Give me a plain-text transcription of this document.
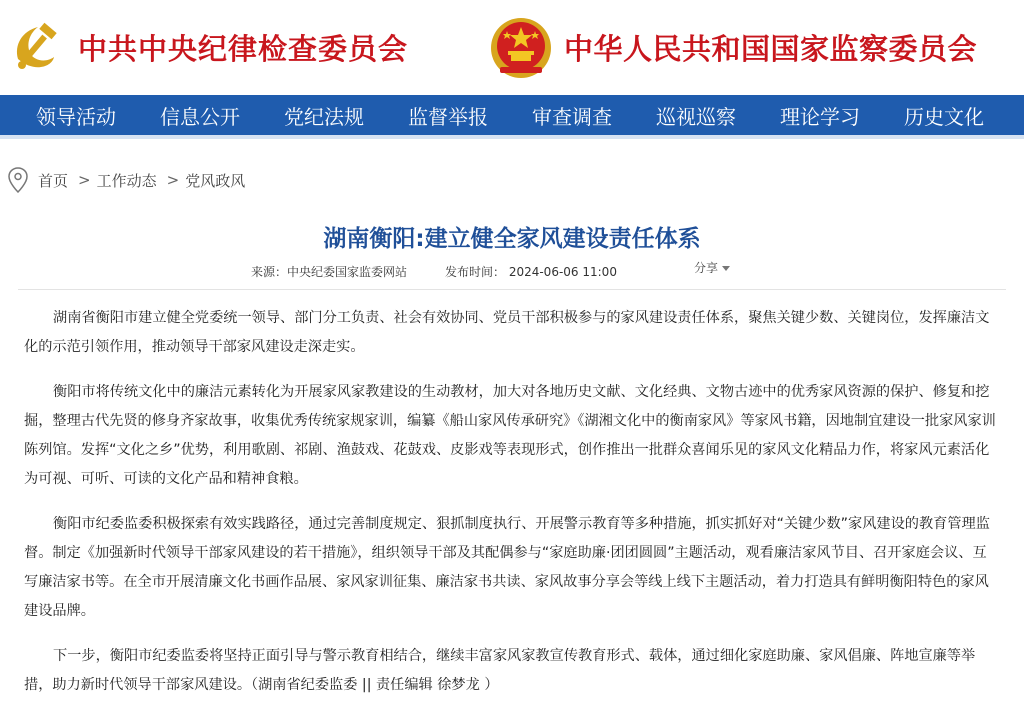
中共中央纪律检查委员会	中华人民共和国国家监察委员会
领导活动	信息公开	党纪法规	监督举报	审查调查	巡视巡察	理论学习	历史文化
首页 > 工作动态 > 党风政风
湖南衡阳:建立健全家风建设责任体系
来源：中央纪委国家监委网站	发布时间： 2024-06-06 11:00	分享

湖南省衡阳市建立健全党委统一领导、部门分工负责、社会有效协同、党员干部积极参与的家风建设责任体系，聚焦关键少数、关键岗位，发挥廉洁文化的示范引领作用，推动领导干部家风建设走深走实。

衡阳市将传统文化中的廉洁元素转化为开展家风家教建设的生动教材，加大对各地历史文献、文化经典、文物古迹中的优秀家风资源的保护、修复和挖掘，整理古代先贤的修身齐家故事，收集优秀传统家规家训，编纂《船山家风传承研究》《湖湘文化中的衡南家风》等家风书籍，因地制宜建设一批家风家训陈列馆。发挥“文化之乡”优势，利用歌剧、祁剧、渔鼓戏、花鼓戏、皮影戏等表现形式，创作推出一批群众喜闻乐见的家风文化精品力作，将家风元素活化为可视、可听、可读的文化产品和精神食粮。

衡阳市纪委监委积极探索有效实践路径，通过完善制度规定、狠抓制度执行、开展警示教育等多种措施，抓实抓好对“关键少数”家风建设的教育管理监督。制定《加强新时代领导干部家风建设的若干措施》，组织领导干部及其配偶参与“家庭助廉·团团圆圆”主题活动，观看廉洁家风节目、召开家庭会议、互写廉洁家书等。在全市开展清廉文化书画作品展、家风家训征集、廉洁家书共读、家风故事分享会等线上线下主题活动，着力打造具有鲜明衡阳特色的家风建设品牌。

下一步，衡阳市纪委监委将坚持正面引导与警示教育相结合，继续丰富家风家教宣传教育形式、载体，通过细化家庭助廉、家风倡廉、阵地宣廉等举措，助力新时代领导干部家风建设。（湖南省纪委监委 || 责任编辑 徐梦龙 ）
